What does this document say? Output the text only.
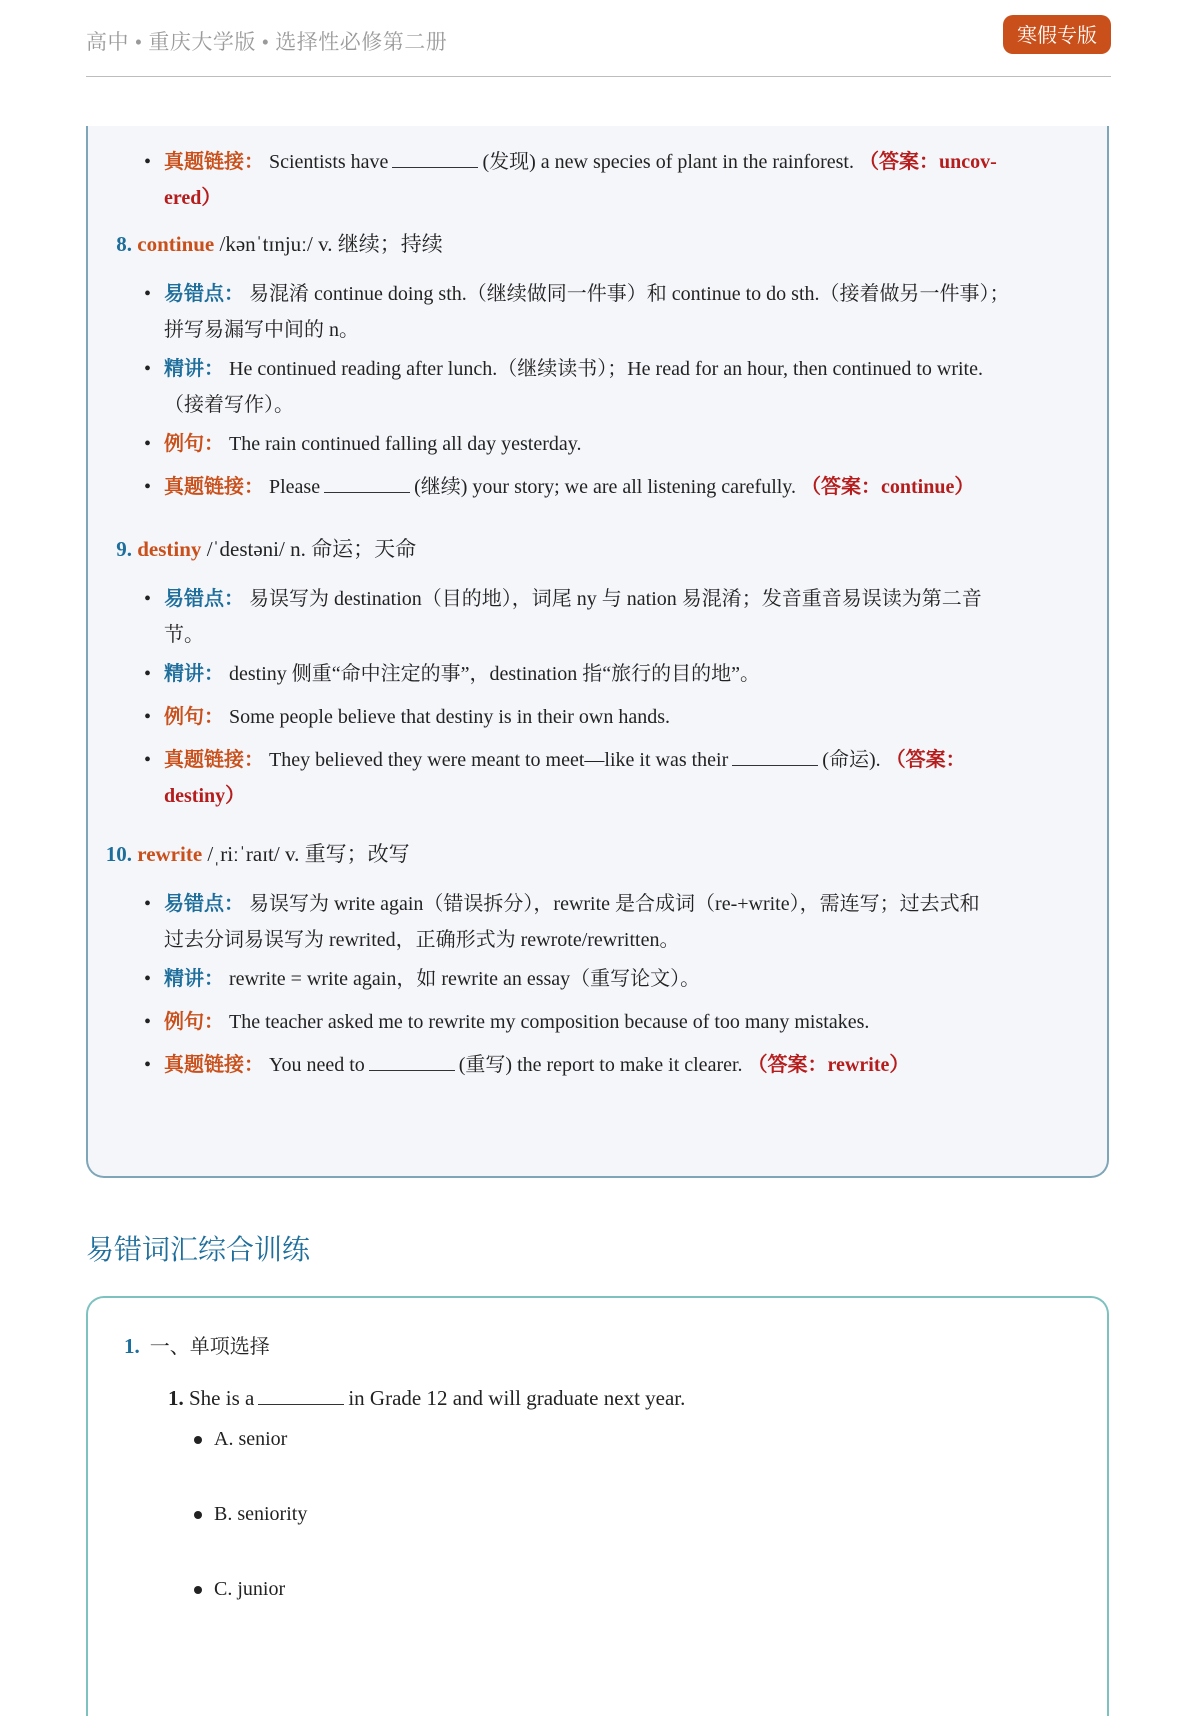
高中 • 重庆大学版 • 选择性必修第二册	寒假专版
• 真题链接： Scientists have	(发现) a new species of plant in the rainforest. （答案：uncov-
ered）
8. continue /kənˈtɪnjuː/ v. 继续；持续
• 易错点： 易混淆 continue doing sth.（继续做同一件事）和 continue to do sth.（接着做另一件事）；
拼写易漏写中间的 n。
• 精讲： He continued reading after lunch.（继续读书）；He read for an hour, then continued to write.
（接着写作）。
• 例句： The rain continued falling all day yesterday.
• 真题链接： Please	(继续) your story; we are all listening carefully. （答案：continue）
9. destiny /ˈdestəni/ n. 命运；天命
• 易错点： 易误写为 destination（目的地），词尾 ny 与 nation 易混淆；发音重音易误读为第二音
节。
• 精讲： destiny 侧重“命中注定的事”，destination 指“旅行的目的地”。
• 例句： Some people believe that destiny is in their own hands.
• 真题链接： They believed they were meant to meet—like it was their	(命运). （答案：
destiny）
10. rewrite /ˌriːˈraɪt/ v. 重写；改写
• 易错点： 易误写为 write again（错误拆分），rewrite 是合成词（re-+write），需连写；过去式和
过去分词易误写为 rewrited，正确形式为 rewrote/rewritten。
• 精讲： rewrite = write again，如 rewrite an essay（重写论文）。
• 例句： The teacher asked me to rewrite my composition because of too many mistakes.
• 真题链接： You need to	(重写) the report to make it clearer. （答案：rewrite）
易错词汇综合训练
1. 一、单项选择
1. She is a	in Grade 12 and will graduate next year.
A. senior
B. seniority
C. junior
